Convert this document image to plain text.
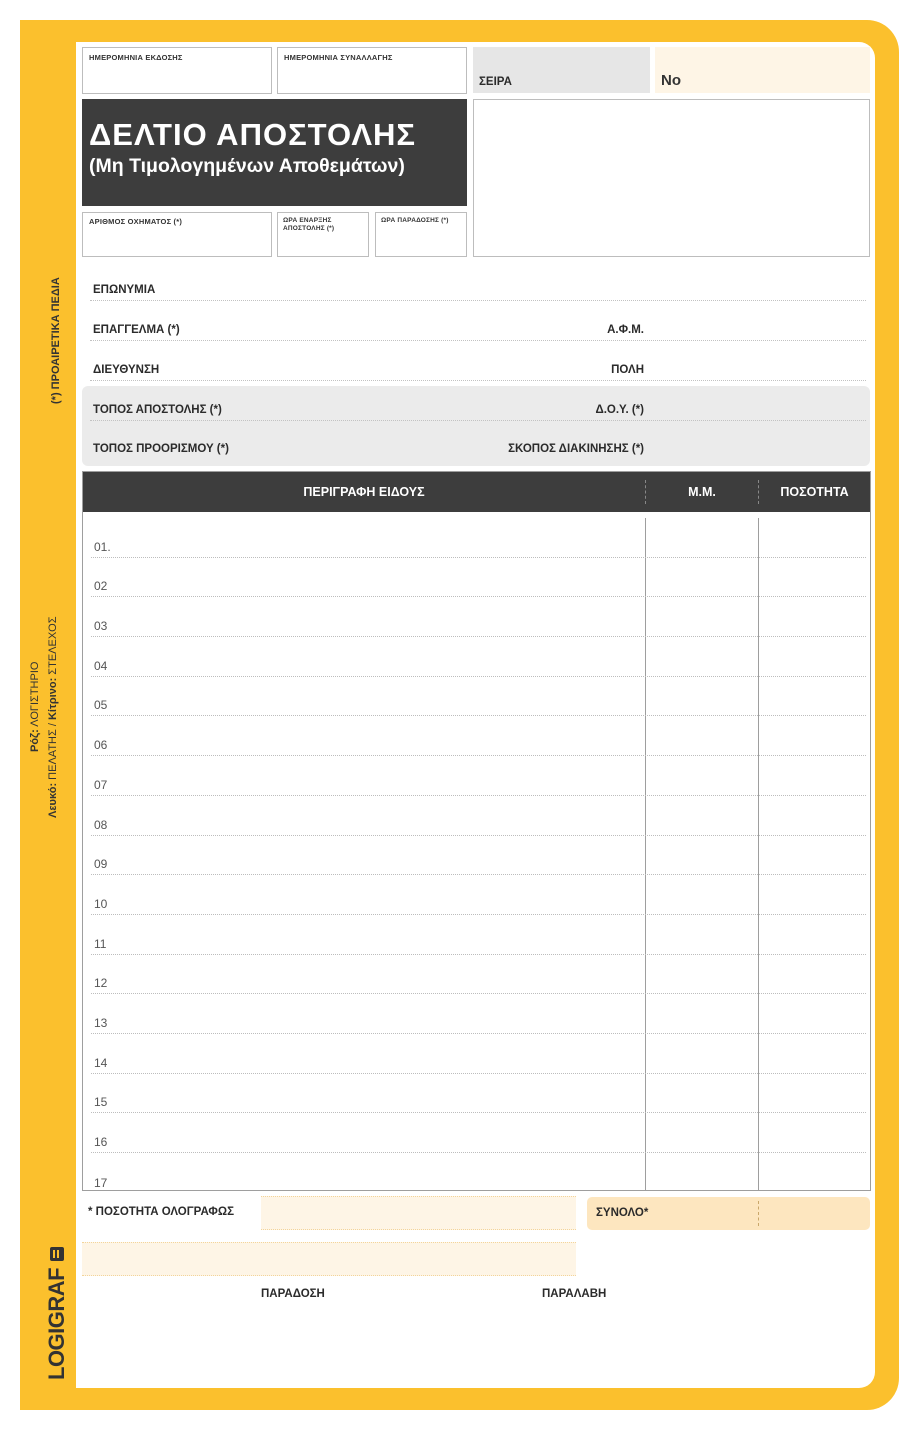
(*) ΠΡΟΑΙΡΕΤΙΚΑ ΠΕΔΙΑ
Ρόζ: ΛΟΓΙΣΤΗΡΙΟ
Λευκό: ΠΕΛΑΤΗΣ / Κίτρινο: ΣΤΕΛΕΧΟΣ
LOGIGRAF
ΗΜΕΡΟΜΗΝΙΑ ΕΚΔΟΣΗΣ	ΗΜΕΡΟΜΗΝΙΑ ΣΥΝΑΛΛΑΓΗΣ
ΣΕΙΡΑ	No
ΔΕΛΤΙΟ ΑΠΟΣΤΟΛΗΣ
(Μη Τιμολογημένων Αποθεμάτων)
ΑΡΙΘΜΟΣ ΟΧΗΜΑΤΟΣ (*)	ΩΡΑ ΕΝΑΡΞΗΣ ΑΠΟΣΤΟΛΗΣ (*)
ΩΡΑ ΠΑΡΑΔΟΣΗΣ (*)
ΕΠΩΝΥΜΙΑ
ΕΠΑΓΓΕΛΜΑ (*)	Α.Φ.Μ.
ΔΙΕΥΘΥΝΣΗ	ΠΟΛΗ
ΤΟΠΟΣ ΑΠΟΣΤΟΛΗΣ (*)	Δ.Ο.Υ. (*)
ΤΟΠΟΣ ΠΡΟΟΡΙΣΜΟΥ (*)	ΣΚΟΠΟΣ ΔΙΑΚΙΝΗΣΗΣ (*)
ΠΕΡΙΓΡΑΦΗ ΕΙΔΟΥΣ	Μ.Μ.	ΠΟΣΟΤΗΤΑ
01.
02
03
04
05
06
07
08
09
10
11
12
13
14
15
16
17
* ΠΟΣΟΤΗΤΑ ΟΛΟΓΡΑΦΩΣ	ΣΥΝΟΛΟ*
ΠΑΡΑΔΟΣΗ	ΠΑΡΑΛΑΒΗ
